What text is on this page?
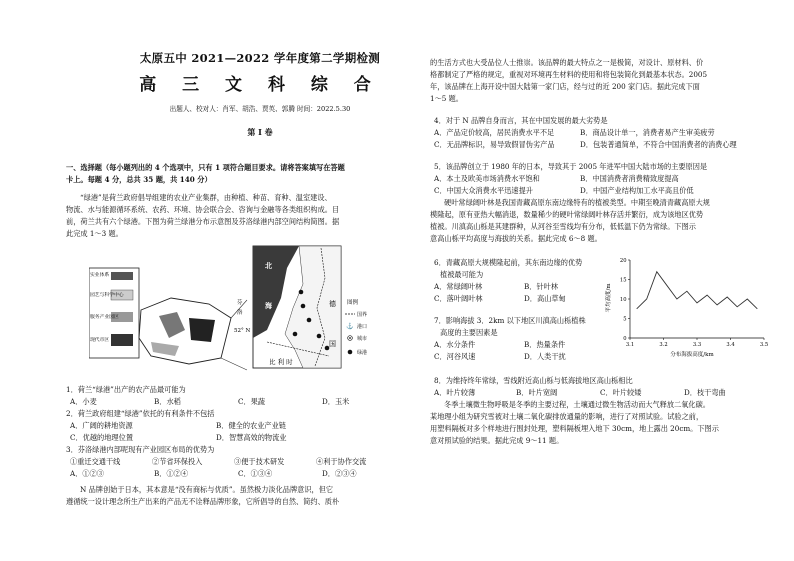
太原五中 2021—2022 学年度第二学期检测
高 三 文 科 综 合
出题人、校对人：肖军、胡浩、贾英、郭腾 时间：2022.5.30
第 I 卷
一、选择题（每小题列出的 4 个选项中，只有 1 项符合题目要求。请将答案填写在答题
卡上。每题 4 分，总共 35 题，共 140 分）
“绿港”是荷兰政府倡导组建的农业产业集群，由种植、种苗、育种、温室建设、
物流、水与能源循环系统、农药、环境、协会联合会、咨询与金融等各类组织构成。目
前，荷兰共有六个绿港。下图为荷兰绿港分布示意图及芬洛绿港内部空间结构简图。据
此完成 1～3 题。
1．荷兰“绿港”出产的农产品最可能为
A．小麦	B．水稻	C．果蔬	D．玉米
2．荷兰政府组建“绿港”依托的有利条件不包括
A．广阔的耕地资源	B．健全的农业产业链
C．优越的地理位置	D．智慧高效的物流业
3．芬洛绿港内部呢现有产业园区布局的优势为
①重迁交通干线	②节省环保投入	③便于技术研发	④利于协作交流
A．①②③	B．①②④	C．①③④	D．②③④
N 品牌创始于日本，其本意是“没有商标与优质”。虽然极力淡化品牌意识，但它
遵循统一设计理念所生产出来的产品无不诠释品牌形象，它所倡导的自然、简约、质朴
实业体系
园艺与科学中心
服务产业园区
现代市区
芬
洛
北
海	德
国
比 利 时
52° N
图例
国界
⚓ 港口
城市
绿港
的生活方式也大受品位人士推崇。该品牌的最大特点之一是极简，对设计、原材料、价
格都制定了严格的规定，重视对环境再生材料的使用和将包装简化到最基本状态。2005
年，该品牌在上海开设中国大陆第一家门店，经与过的近 200 家门店。据此完成下面
1～5 题。
4．对于 N 品牌自身而言，其在中国发展的最大劣势是
A．产品定价较高，居民消费水平不足	B．商品设计单一，消费者易产生审美疲劳
C．无品牌标识，易导致假冒伪劣产品	D．包装普通简单，不符合中国消费者的消费心理
5．该品牌创立于 1980 年的日本，导致其于 2005 年进军中国大陆市场的主要原因是
A．本土及欧美市场消费水平饱和	B．中国消费者消费精致度提高
C．中国大众消费水平迅速提升	D．中国产业结构加工水平高且价低
硬叶常绿阔叶林是我国青藏高原东南边缘特有的植被类型。中期至晚清青藏高原大规
模隆起，原有亚热大幅消退，数量稀少的硬叶常绿阔叶林存活并繁衍，成为该地区优势
植被。川滇高山栎是其建群种，从河谷至雪线均有分布，低低温下仍为常绿。下图示
意高山栎平均高度与海拔的关系。据此完成 6～8 题。
6．青藏高原大规模隆起前，其东南边缘的优势
植被最可能为
A．常绿阔叶林	B．针叶林
C．落叶阔叶林	D．高山草甸
7．影响海拔 3．2km 以下地区川滇高山栎植株
高度的主要因素是
A．水分条件	B．热量条件
C．河谷风速	D．人类干扰
8．为维持终年常绿，雪线附近高山栎与低海拔地区高山栎相比
A．叶片较薄	B．叶片宽阔	C．叶片较矮	D．枝干弯曲
冬季土壤微生物呼吸是冬季的主要过程，土壤通过微生物活动而大气释放二氧化碳。
某地理小组为研究雪被对土壤二氧化碳排放通量的影响，进行了对照试验。试验之前，
用塑料隔板对多个样地进行围封处理，塑料隔板埋入地下 30cm，地上露出 20cm。下图示
意对照试验的结果。据此完成 9～11 题。
3.1	3.2	3.3	3.4	3.5
0
5
10
15
20
分布海拔高度/km
平均高度/m
